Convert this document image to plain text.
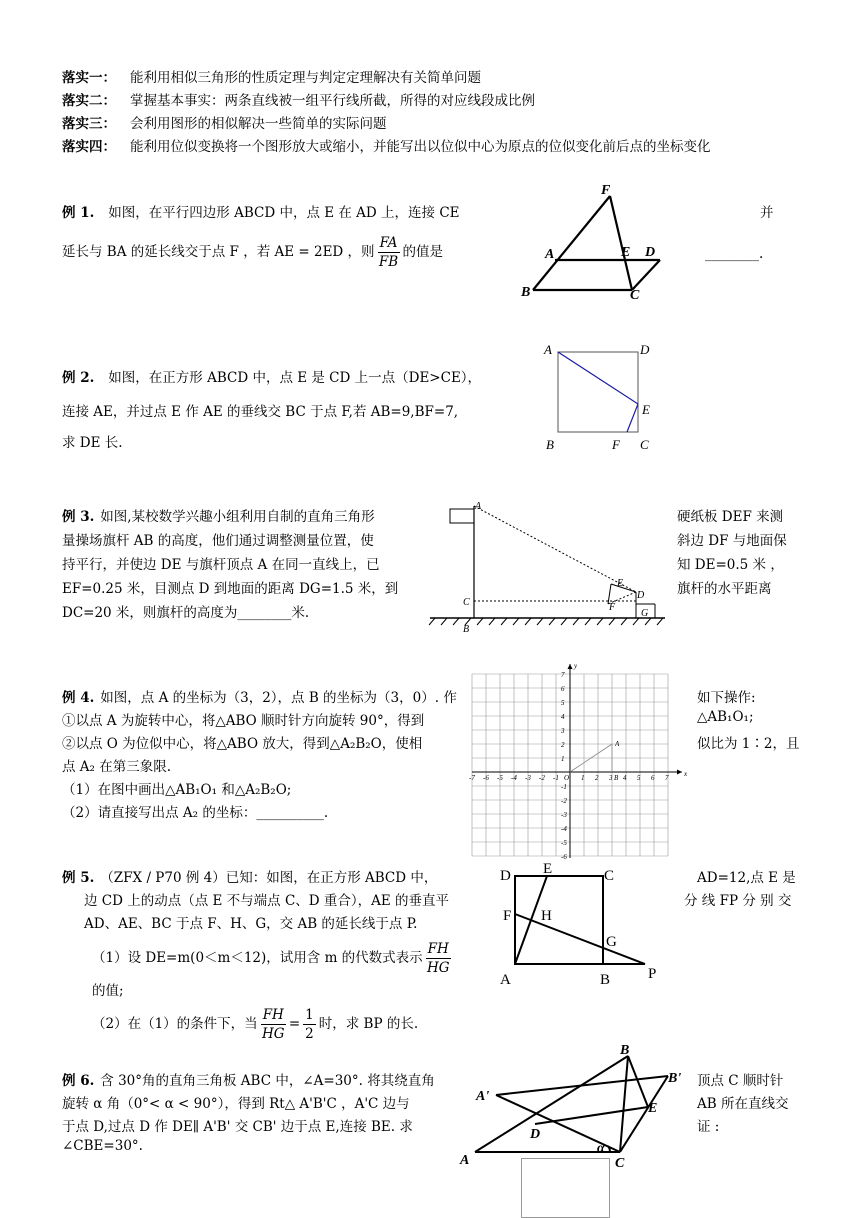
落实一： 能利用相似三角形的性质定理与判定定理解决有关简单问题
落实二： 掌握基本事实：两条直线被一组平行线所截，所得的对应线段成比例
落实三： 会利用图形的相似解决一些简单的实际问题
落实四： 能利用位似变换将一个图形放大或缩小，并能写出以位似中心为原点的位似变化前后点的坐标变化
例 1. 如图，在平行四边形 ABCD 中，点 E 在 AD 上，连接 CE	并
延长与 BA 的延长线交于点 F ，若 AE = 2ED ，则 $\frac{FA}{FB}$ 的值是	________.
F
A	E D
B	C
例 2. 如图，在正方形 ABCD 中，点 E 是 CD 上一点（DE>CE），
连接 AE，并过点 E 作 AE 的垂线交 BC 于点 F,若 AB=9,BF=7,
求 DE 长.
A	D
E
B	F C
例 3. 如图,某校数学兴趣小组利用自制的直角三角形
量操场旗杆 AB 的高度，他们通过调整测量位置，使
持平行，并使边 DE 与旗杆顶点 A 在同一直线上，已
EF=0.25 米，目测点 D 到地面的距离 DG=1.5 米，到
DC=20 米，则旗杆的高度为________米.
硬纸板 DEF 来测
斜边 DF 与地面保
知 DE=0.5 米 ，
旗杆的水平距离
A
C
B
E
D
F
G
例 4. 如图，点 A 的坐标为（3，2），点 B 的坐标为（3，0）. 作
①以点 A 为旋转中心，将△ABO 顺时针方向旋转 90°，得到
②以点 O 为位似中心，将△ABO 放大，得到△A₂B₂O，使相
点 A₂ 在第三象限.
（1）在图中画出△AB₁O₁ 和△A₂B₂O;
（2）请直接写出点 A₂ 的坐标：__________.
如下操作:
△AB₁O₁;
似比为 1∶2，且
-7 -6 -5 -4 -3 -2 -1	1 2 3 4 5 6 7
7
6
5
4
3
2
1
-1
-2
-3
-4
-5
-6
x
y
O
A
B
例 5. （ZFX / P70 例 4）已知：如图，在正方形 ABCD 中，
边 CD 上的动点（点 E 不与端点 C、D 重合），AE 的垂直平
AD、AE、BC 于点 F、H、G，交 AB 的延长线于点 P.
（1）设 DE=m(0＜m＜12)，试用含 m 的代数式表示 $\frac{FH}{HG}$
的值;
（2）在（1）的条件下，当 $\frac{FH}{HG} = \frac{1}{2}$ 时，求 BP 的长.
AD=12,点 E 是
分 线 FP 分 别 交
D E	C
F H
G
A	B	P
例 6. 含 30°角的直角三角板 ABC 中，∠A=30°. 将其绕直角
旋转 α 角（0°< α < 90°），得到 Rt△ A'B'C ，A'C 边与
于点 D,过点 D 作 DE∥ A'B' 交 CB' 边于点 E,连接 BE. 求
∠CBE=30°.
顶点 C 顺时针
AB 所在直线交
证 :
B
B'
A'
E
D
A	C
α
